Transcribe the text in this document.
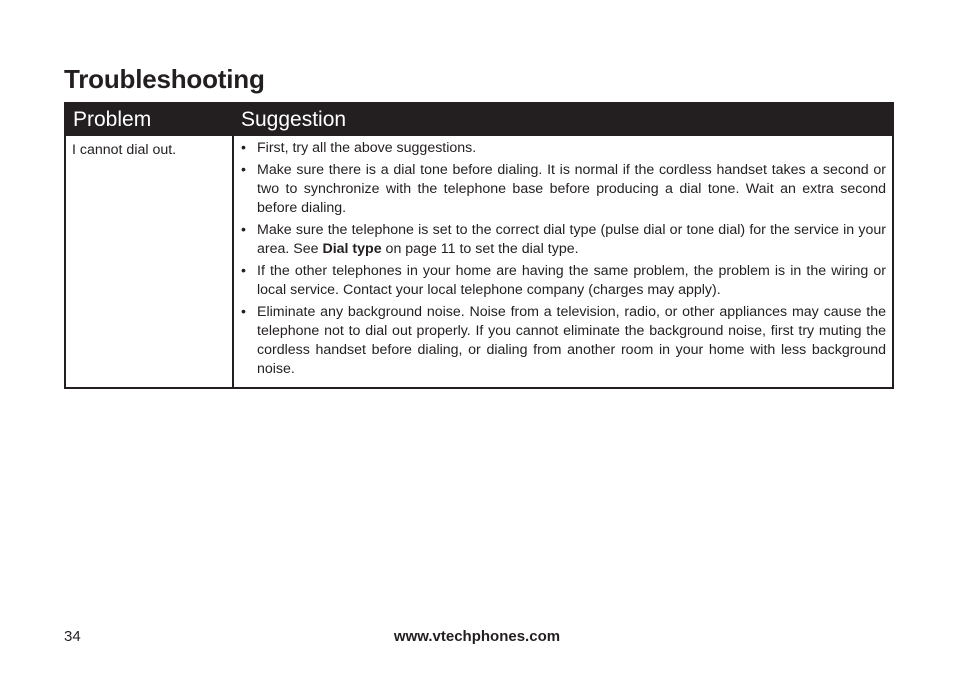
Troubleshooting
Problem	Suggestion
I cannot dial out.	• First, try all the above suggestions.
• Make sure there is a dial tone before dialing. It is normal if the cordless handset takes a second or two to synchronize with the telephone base before producing a dial tone. Wait an extra second before dialing.
• Make sure the telephone is set to the correct dial type (pulse dial or tone dial) for the service in your area. See Dial type on page 11 to set the dial type.
• If the other telephones in your home are having the same problem, the problem is in the wiring or local service. Contact your local telephone company (charges may apply).
• Eliminate any background noise. Noise from a television, radio, or other appliances may cause the telephone not to dial out properly. If you cannot eliminate the background noise, first try muting the cordless handset before dialing, or dialing from another room in your home with less background noise.
34	www.vtechphones.com
